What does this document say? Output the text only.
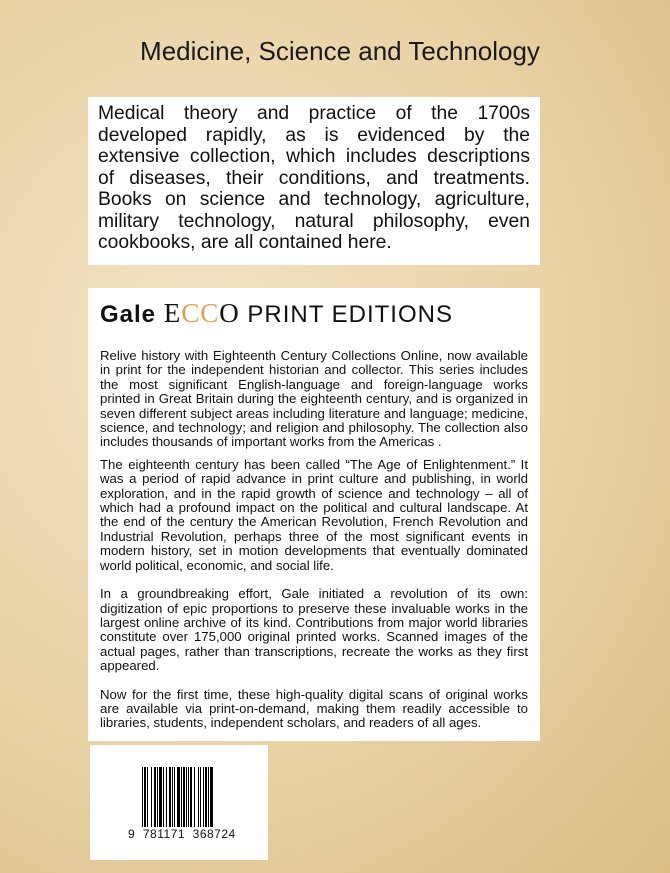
Medicine, Science and Technology
Medical theory and practice of the 1700s developed rapidly, as is evidenced by the extensive collection, which includes descriptions of diseases, their conditions, and treatments. Books on science and technology, agriculture, military technology, natural philosophy, even cookbooks, are all contained here.
Gale ECCO PRINT EDITIONS

Relive history with Eighteenth Century Collections Online, now available in print for the independent historian and collector. This series includes the most significant English-language and foreign-language works printed in Great Britain during the eighteenth century, and is organized in seven different subject areas including literature and language; medicine, science, and technology; and religion and philosophy. The collection also includes thousands of important works from the Americas .

The eighteenth century has been called “The Age of Enlightenment.” It was a period of rapid advance in print culture and publishing, in world exploration, and in the rapid growth of science and technology – all of which had a profound impact on the political and cultural landscape. At the end of the century the American Revolution, French Revolution and Industrial Revolution, perhaps three of the most significant events in modern history, set in motion developments that eventually dominated world political, economic, and social life.

In a groundbreaking effort, Gale initiated a revolution of its own: digitization of epic proportions to preserve these invaluable works in the largest online archive of its kind. Contributions from major world libraries constitute over 175,000 original printed works. Scanned images of the actual pages, rather than transcriptions, recreate the works as they first appeared.

Now for the first time, these high-quality digital scans of original works are available via print-on-demand, making them readily accessible to libraries, students, independent scholars, and readers of all ages.

9  781171  368724
